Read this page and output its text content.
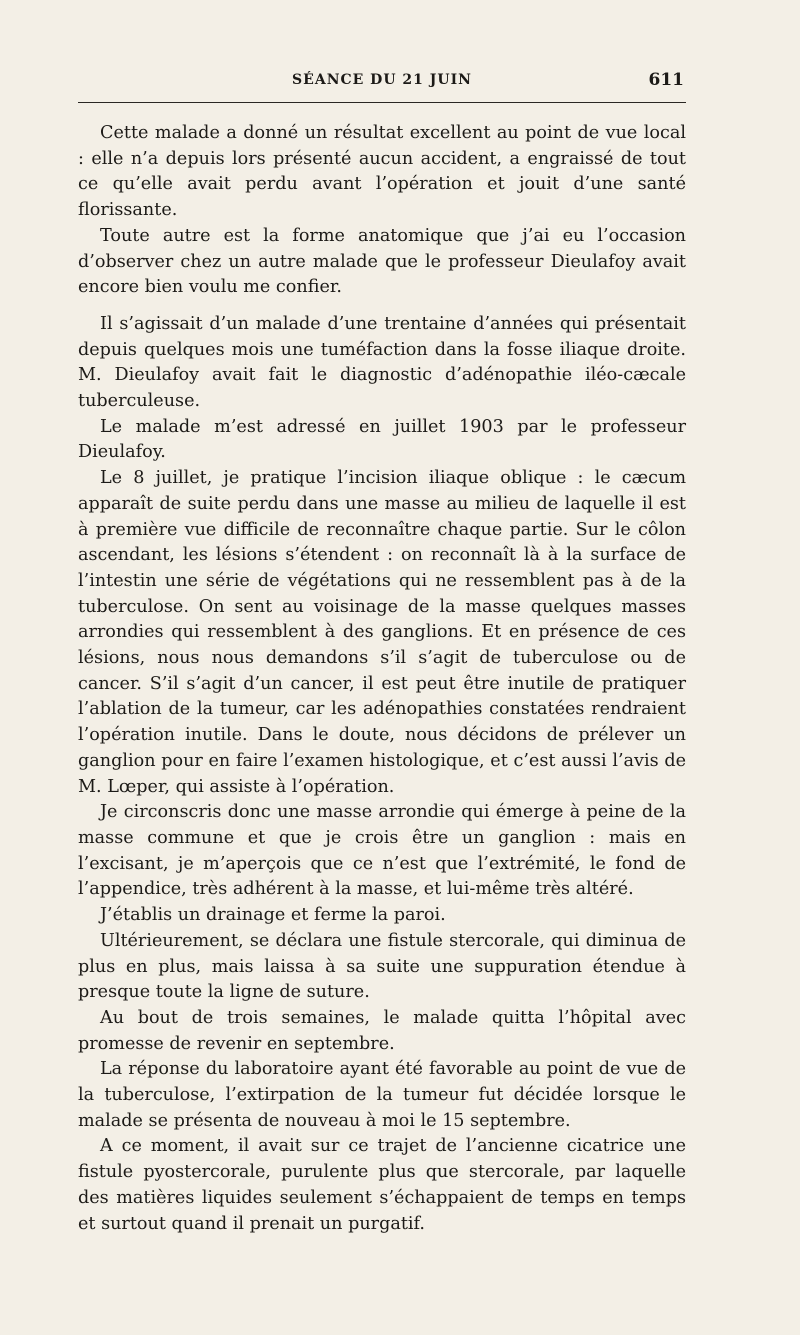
SÉANCE DU 21 JUIN	611

Cette malade a donné un résultat excellent au point de vue local : elle n’a depuis lors présenté aucun accident, a engraissé de tout ce qu’elle avait perdu avant l’opération et jouit d’une santé florissante.

Toute autre est la forme anatomique que j’ai eu l’occasion d’observer chez un autre malade que le professeur Dieulafoy avait encore bien voulu me confier.

Il s’agissait d’un malade d’une trentaine d’années qui présentait depuis quelques mois une tuméfaction dans la fosse iliaque droite. M. Dieulafoy avait fait le diagnostic d’adénopathie iléo-cæcale tuberculeuse.

Le malade m’est adressé en juillet 1903 par le professeur Dieulafoy.

Le 8 juillet, je pratique l’incision iliaque oblique : le cæcum apparaît de suite perdu dans une masse au milieu de laquelle il est à première vue difficile de reconnaître chaque partie. Sur le côlon ascendant, les lésions s’étendent : on reconnaît là à la surface de l’intestin une série de végétations qui ne ressemblent pas à de la tuberculose. On sent au voisinage de la masse quelques masses arrondies qui ressemblent à des ganglions. Et en présence de ces lésions, nous nous demandons s’il s’agit de tuberculose ou de cancer. S’il s’agit d’un cancer, il est peut être inutile de pratiquer l’ablation de la tumeur, car les adénopathies constatées rendraient l’opération inutile. Dans le doute, nous décidons de prélever un ganglion pour en faire l’examen histologique, et c’est aussi l’avis de M. Lœper, qui assiste à l’opération.

Je circonscris donc une masse arrondie qui émerge à peine de la masse commune et que je crois être un ganglion : mais en l’excisant, je m’aperçois que ce n’est que l’extrémité, le fond de l’appendice, très adhérent à la masse, et lui-même très altéré.

J’établis un drainage et ferme la paroi.

Ultérieurement, se déclara une fistule stercorale, qui diminua de plus en plus, mais laissa à sa suite une suppuration étendue à presque toute la ligne de suture.

Au bout de trois semaines, le malade quitta l’hôpital avec promesse de revenir en septembre.

La réponse du laboratoire ayant été favorable au point de vue de la tuberculose, l’extirpation de la tumeur fut décidée lorsque le malade se présenta de nouveau à moi le 15 septembre.

A ce moment, il avait sur ce trajet de l’ancienne cicatrice une fistule pyostercorale, purulente plus que stercorale, par laquelle des matières liquides seulement s’échappaient de temps en temps et surtout quand il prenait un purgatif.
